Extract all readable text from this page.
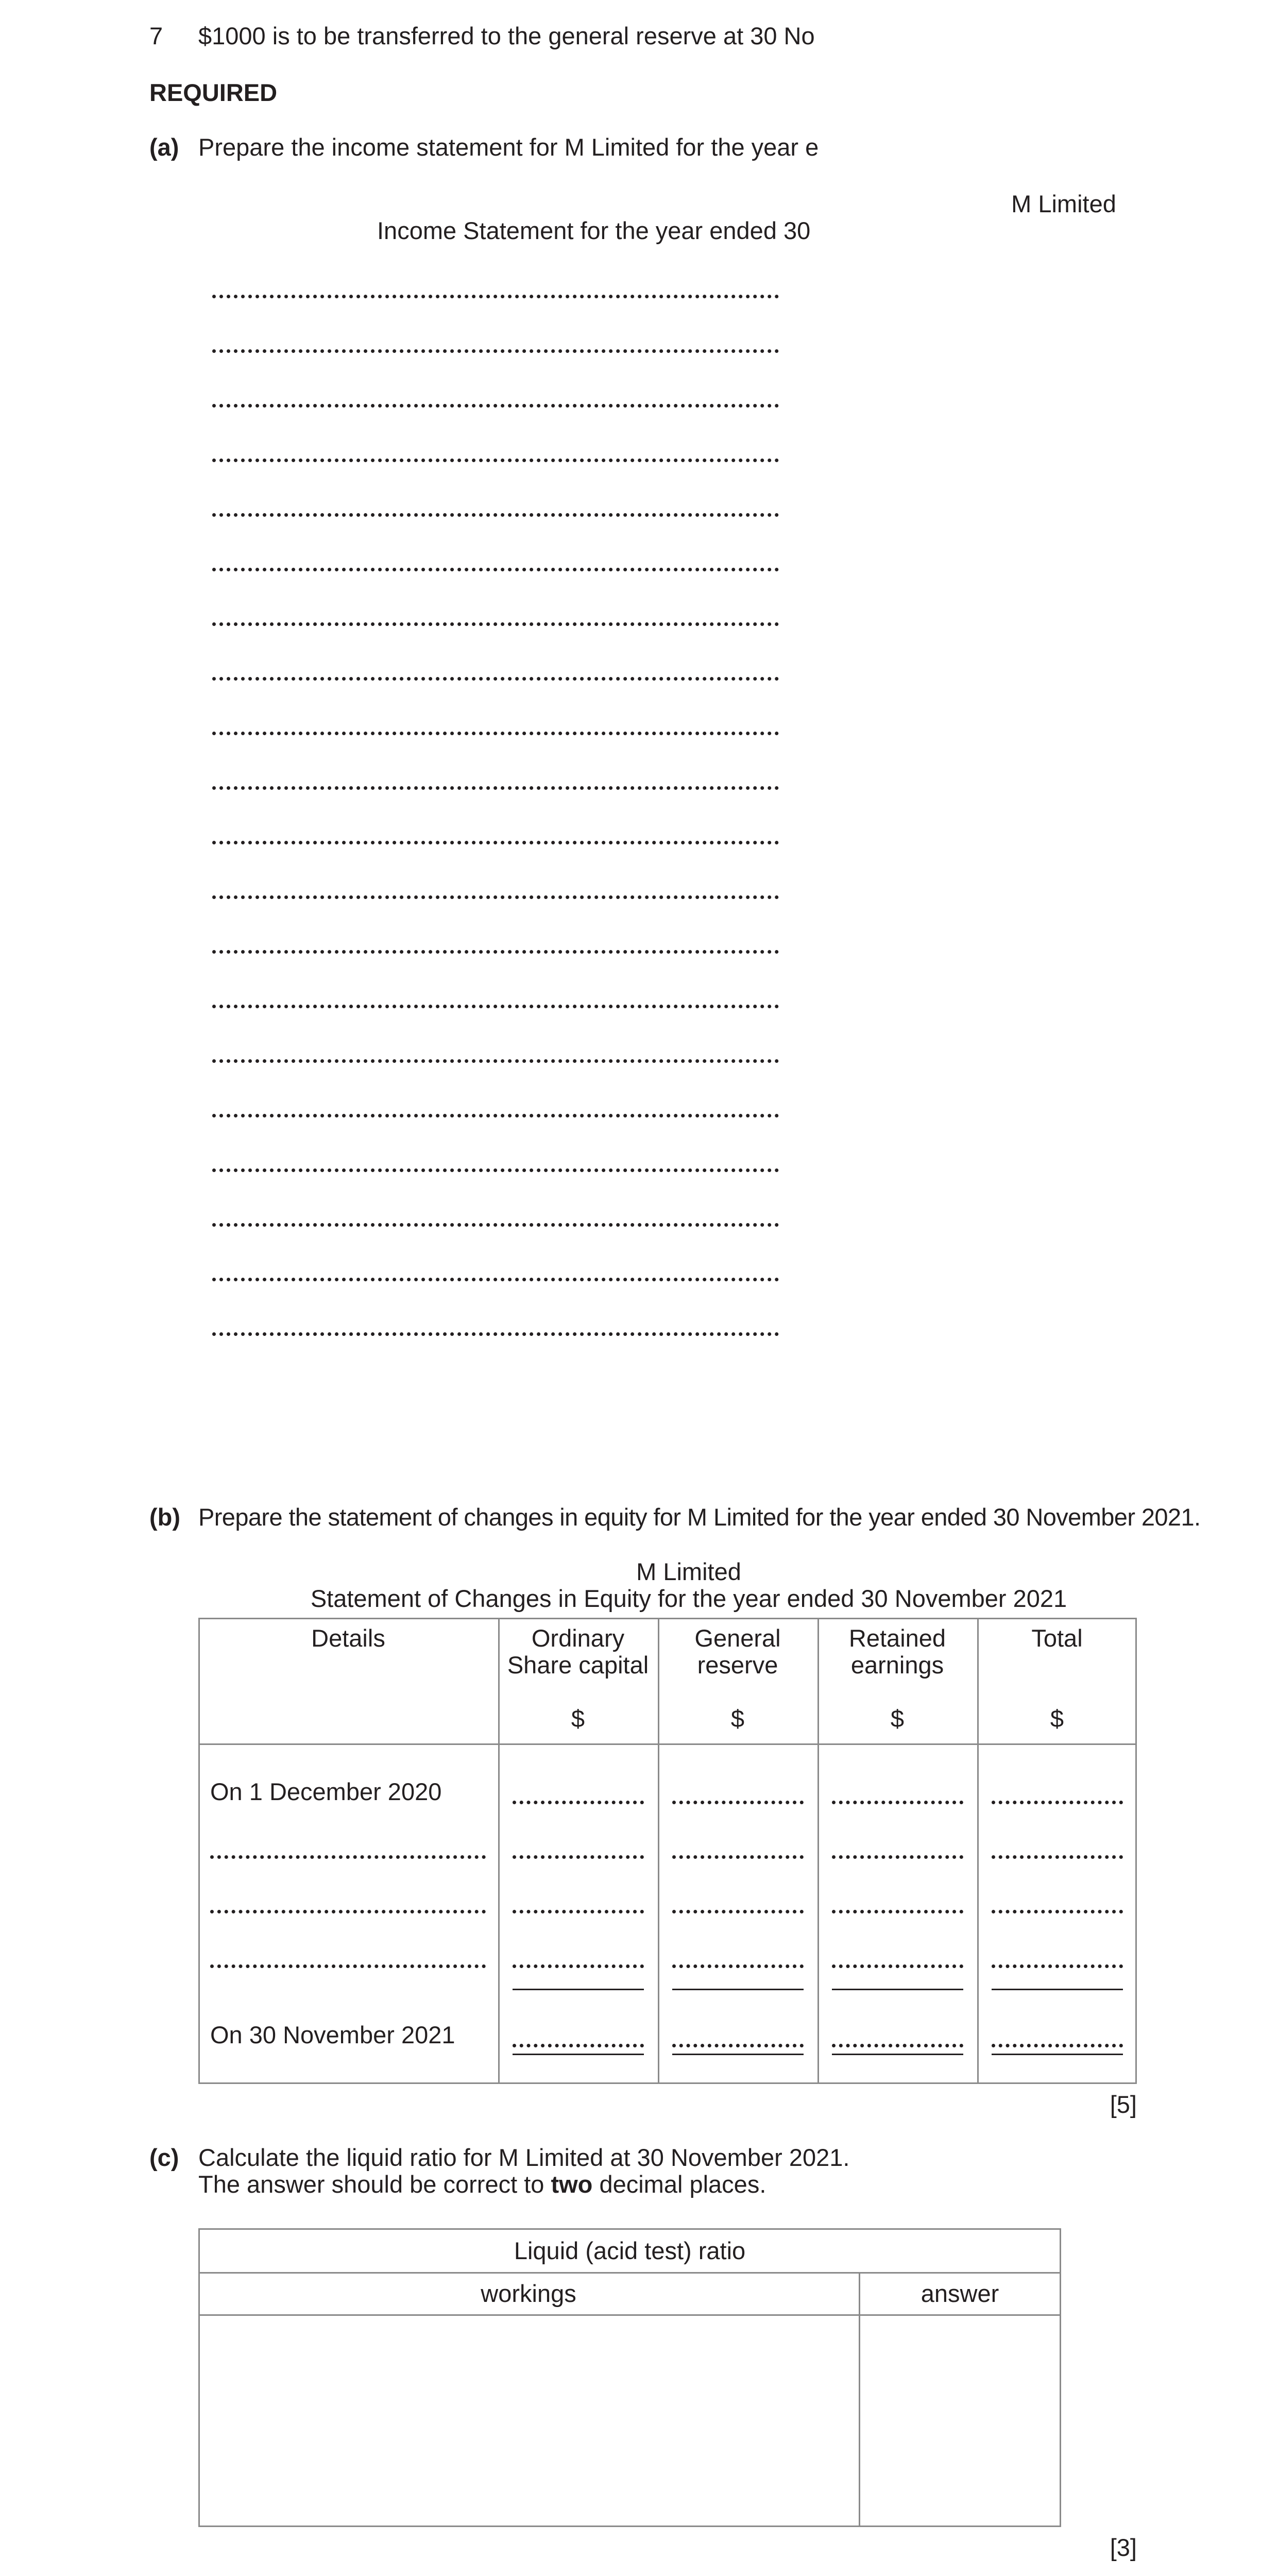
7 $1000 is to be transferred to the general reserve at 30 No
REQUIRED
(a) Prepare the income statement for M Limited for the year e
M Limited
Income Statement for the year ended 30
(b) Prepare the statement of changes in equity for M Limited for the year ended 30 November 2021.
M Limited
Statement of Changes in Equity for the year ended 30 November 2021
Details	Ordinary
Share capital
$
General
reserve
$
Retained
earnings
$
Total
$
On 1 December 2020
On 30 November 2021
[5]
(c) Calculate the liquid ratio for M Limited at 30 November 2021.
The answer should be correct to two decimal places.
Liquid (acid test) ratio
workings	answer
[3]
